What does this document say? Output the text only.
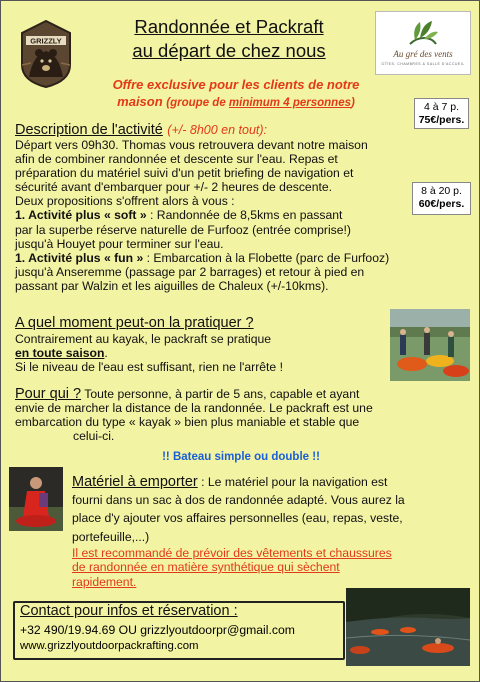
GRIZZLY
Randonnée et Packraft
au départ de chez nous	Au gré des vents
GÎTES, CHAMBRES & SALLE D'ACCUEIL
Offre exclusive pour les clients de notre
maison (groupe de minimum 4 personnes)	4 à 7 p.
75€/pers.
8 à 20 p.
60€/pers.
Description de l'activité (+/- 8h00 en tout):
Départ vers 09h30. Thomas vous retrouvera devant notre maison
afin de combiner randonnée et descente sur l'eau. Repas et
préparation du matériel suivi d'un petit briefing de navigation et
sécurité avant d'embarquer pour +/- 2 heures de descente.
Deux propositions s'offrent alors à vous :
1. Activité plus « soft » : Randonnée de 8,5kms en passant
par la superbe réserve naturelle de Furfooz (entrée comprise!)
jusqu'à Houyet pour terminer sur l'eau.
1. Activité plus « fun » : Embarcation à la Flobette (parc de Furfooz)
jusqu'à Anseremme (passage par 2 barrages) et retour à pied en
passant par Walzin et les aiguilles de Chaleux (+/-10kms).
A quel moment peut-on la pratiquer ?
Contrairement au kayak, le packraft se pratique
en toute saison.
Si le niveau de l'eau est suffisant, rien ne l'arrête !
Pour qui ? Toute personne, à partir de 5 ans, capable et ayant
envie de marcher la distance de la randonnée. Le packraft est une
embarcation du type « kayak » bien plus maniable et stable que
celui-ci.
!! Bateau simple ou double !!
Matériel à emporter : Le matériel pour la navigation est
fourni dans un sac à dos de randonnée adapté. Vous aurez la
place d'y ajouter vos affaires personnelles (eau, repas, veste,
portefeuille,...)
Il est recommandé de prévoir des vêtements et chaussures
de randonnée en matière synthétique qui sèchent
rapidement.
Contact pour infos et réservation :
+32 490/19.94.69 OU grizzlyoutdoorpr@gmail.com
www.grizzlyoutdoorpackrafting.com
